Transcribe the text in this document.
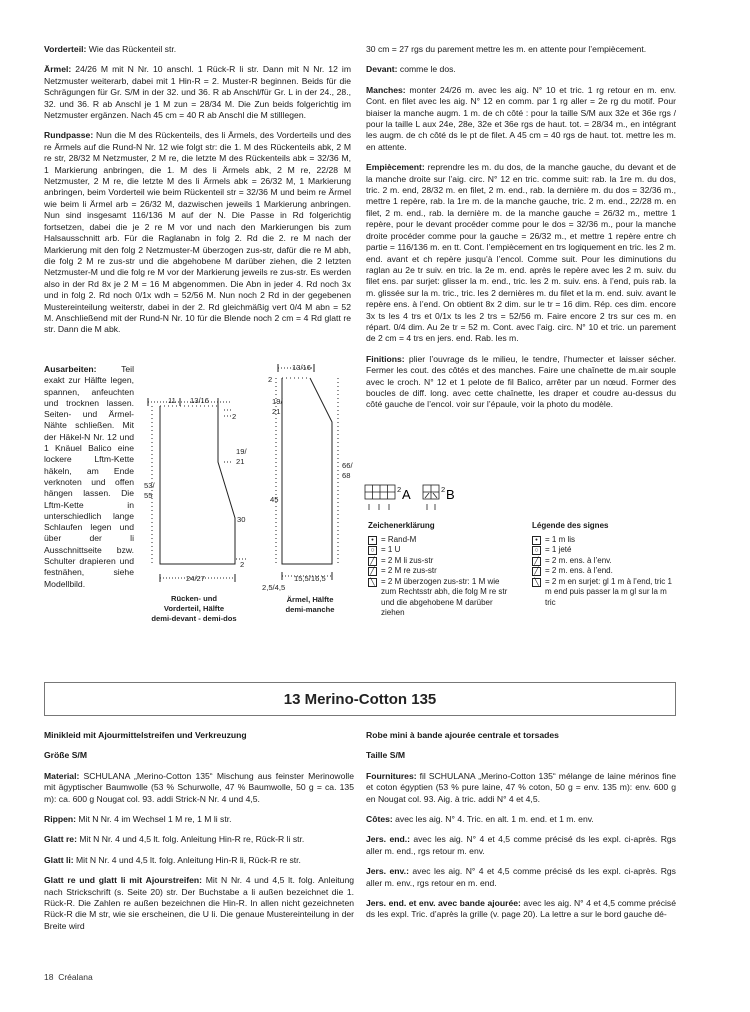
Vorderteil: Wie das Rückenteil str.

Ärmel: 24/26 M mit N Nr. 10 anschl. 1 Rück-R li str. Dann mit N Nr. 12 im Netzmuster weiterarb, dabei mit 1 Hin-R = 2. Muster-R beginnen. Beids für die Schrägungen für Gr. S/M in der 32. und 36. R ab Anschl/für Gr. L in der 24., 28., 32. und 36. R ab Anschl je 1 M zun = 28/34 M. Die Zun beids folgerichtig im Netzmuster ergänzen. Nach 45 cm = 40 R ab Anschl die M stilllegen.

Rundpasse: Nun die M des Rückenteils, des li Ärmels, des Vorderteils und des re Ärmels auf die Rund-N Nr. 12 wie folgt str: die 1. M des Rückenteils abk, 2 M re str, 28/32 M Netzmuster, 2 M re, die letzte M des Rückenteils abk = 32/36 M, 1 Markierung anbringen, die 1. M des li Ärmels abk, 2 M re, 22/28 M Netzmuster, 2 M re, die letzte M des li Ärmels abk = 26/32 M, 1 Markierung anbringen, beim Vorderteil wie beim Rückenteil str = 32/36 M und beim re Ärmel wie beim li Ärmel arb = 26/32 M, dazwischen jeweils 1 Markierung anbringen. Nun sind insgesamt 116/136 M auf der N. Die Passe in Rd folgerichtig fortsetzen, dabei die je 2 re M vor und nach den Markierungen bis zum Halsausschnitt arb. Für die Raglanabn in folg 2. Rd die 2. re M nach der Markierung mit den folg 2 Netzmuster-M überzogen zus-str, dafür die re M abh, die folg 2 M re zus-str und die abgehobene M darüber ziehen, die 2 letzten Netzmuster-M und die folg re M vor der Markierung jeweils re zus-str. Es werden also in der Rd 8x je 2 M = 16 M abgenommen. Die Abn in jeder 4. Rd noch 3x und in folg 2. Rd noch 0/1x wdh = 52/56 M. Nun noch 2 Rd in der gegebenen Mustereinteilung weiterstr, dabei in der 2. Rd gleichmäßig vert 0/4 M abn = 52 M. Anschließend mit der Rund-N Nr. 10 für die Blende noch 2 cm = 4 Rd glatt re str. Dann die M abk.

Ausarbeiten: Teil exakt zur Hälfte legen, spannen, anfeuchten und trocknen lassen. Seiten- und Ärmel-Nähte schließen. Mit der Häkel-N Nr. 12 und 1 Knäuel Balico eine lockere Lftm-Kette häkeln, am Ende verknoten und offen hängen lassen. Die Lftm-Kette in unterschiedlich lange Schlaufen legen und über der li Ausschnittseite bzw. Schulter drapieren und festnähen, siehe Modellbild.
11 13/16
2
19/
21
53/
55
30
2
24/27
Rücken- und
Vorderteil, Hälfte
demi-devant - demi-dos
13/16
2
19/
21
45
66/
68
2,5/4,5
15,5/16,5
Ärmel, Hälfte
demi-manche

30 cm = 27 rgs du parement mettre les m. en attente pour l’empiècement.

Devant: comme le dos.

Manches: monter 24/26 m. avec les aig. N° 10 et tric. 1 rg retour en m. env. Cont. en filet avec les aig. N° 12 en comm. par 1 rg aller = 2e rg du motif. Pour biaiser la manche augm. 1 m. de ch côté : pour la taille S/M aux 32e et 36e rgs / pour la taille L aux 24e, 28e, 32e et 36e rgs de haut. tot. = 28/34 m., en intégrant les augm. de ch côté ds le pt de filet. A 45 cm = 40 rgs de haut. tot. mettre les m. en attente.

Empiècement: reprendre les m. du dos, de la manche gauche, du devant et de la manche droite sur l’aig. circ. N° 12 en tric. comme suit: rab. la 1re m. du dos, tric. 2 m. end, 28/32 m. en filet, 2 m. end., rab. la dernière m. du dos = 32/36 m., mettre 1 repère, rab. la 1re m. de la manche gauche, tric. 2 m. end., 22/28 m. en filet, 2 m. end., rab. la dernière m. de la manche gauche = 26/32 m., mettre 1 repère, pour le devant procéder comme pour le dos = 32/36 m., pour la manche droite procéder comme pour la gauche = 26/32 m., et mettre 1 repère entre ch partie = 116/136 m. en tt. Cont. l’empiècement en trs logiquement en tric. les 2 m. end. avant et ch repère jusqu’à l’encol. Comme suit. Pour les diminutions du raglan au 2e tr suiv. en tric. la 2e m. end. après le repère avec les 2 m. suiv. du filet ens. par surjet: glisser la m. end., tric. les 2 m. suiv. ens. à l’end, puis rab. la m. glissée sur la m. tric., tric. les 2 dernières m. du filet et la m. end. suiv. avant le repère ens. à l’end. On obtient 8x 2 dim. sur le tr = 16 dim. Rép. ces dim. encore 3x ts les 4 trs et 0/1x ts les 2 trs = 52/56 m. Faire encore 2 trs sur ces m. en répart. 0/4 dim. Au 2e tr = 52 m. Cont. avec l’aig. circ. N° 10 et tric. un parement de 2 cm = 4 trs en jers. end. Rab. les m.

Finitions: plier l’ouvrage ds le milieu, le tendre, l’humecter et laisser sécher. Fermer les cout. des côtés et des manches. Faire une chaînette de m.air souple avec le croch. N° 12 et 1 pelote de fil Balico, arrêter par un nœud. Former des boucles de diff. long. avec cette chaînette, les draper et coudre au-dessus du côté gauche de l’encol. voir sur l’épaule, voir la photo du modèle.

2 A	2 B
Zeichenerklärung
• = Rand-M
○ = 1 U
╱ = 2 M li zus-str
╱ = 2 M re zus-str
╲ = 2 M überzogen zus-str: 1 M wie zum Rechtsstr abh, die folg M re str und die abgehobene M darüber ziehen
Légende des signes
• = 1 m lis
○ = 1 jeté
╱ = 2 m. ens. à l’env.
╱ = 2 m. ens. à l’end.
╲ = 2 m en surjet: gl 1 m à l’end, tric 1 m end puis passer la m gl sur la m tric
13 Merino-Cotton 135

Minikleid mit Ajourmittelstreifen und Verkreuzung

Größe S/M

Material: SCHULANA „Merino-Cotton 135“ Mischung aus feinster Merinowolle mit ägyptischer Baumwolle (53 % Schurwolle, 47 % Baumwolle, 50 g = ca. 135 m): ca. 600 g Nougat col. 93. addi Strick-N Nr. 4 und 4,5.

Rippen: Mit N Nr. 4 im Wechsel 1 M re, 1 M li str.

Glatt re: Mit N Nr. 4 und 4,5 lt. folg. Anleitung Hin-R re, Rück-R li str.

Glatt li: Mit N Nr. 4 und 4,5 lt. folg. Anleitung Hin-R li, Rück-R re str.

Glatt re und glatt li mit Ajourstreifen: Mit N Nr. 4 und 4,5 lt. folg. Anleitung nach Strickschrift (s. Seite 20) str. Der Buchstabe a li außen bezeichnet die 1. Rück-R. Die Zahlen re außen bezeichnen die Hin-R. In allen nicht gezeichneten Rück-R die M str, wie sie erscheinen, die U li. Die genaue Mustereinteilung in der Breite wird

Robe mini à bande ajourée centrale et torsades

Taille S/M

Fournitures: fil SCHULANA „Merino-Cotton 135“ mélange de laine mérinos fine et coton égyptien (53 % pure laine, 47 % coton, 50 g = env. 135 m): env. 600 g en Nougat col. 93. Aig. à tric. addi N° 4 et 4,5.

Côtes: avec les aig. N° 4. Tric. en alt. 1 m. end. et 1 m. env.

Jers. end.: avec les aig. N° 4 et 4,5 comme précisé ds les expl. ci-après. Rgs aller m. end., rgs retour m. env.

Jers. env.: avec les aig. N° 4 et 4,5 comme précisé ds les expl. ci-après. Rgs aller m. env., rgs retour en m. end.

Jers. end. et env. avec bande ajourée: avec les aig. N° 4 et 4,5 comme précisé ds les expl. Tric. d’après la grille (v. page 20). La lettre a sur le bord gauche dé-

18 Créalana
